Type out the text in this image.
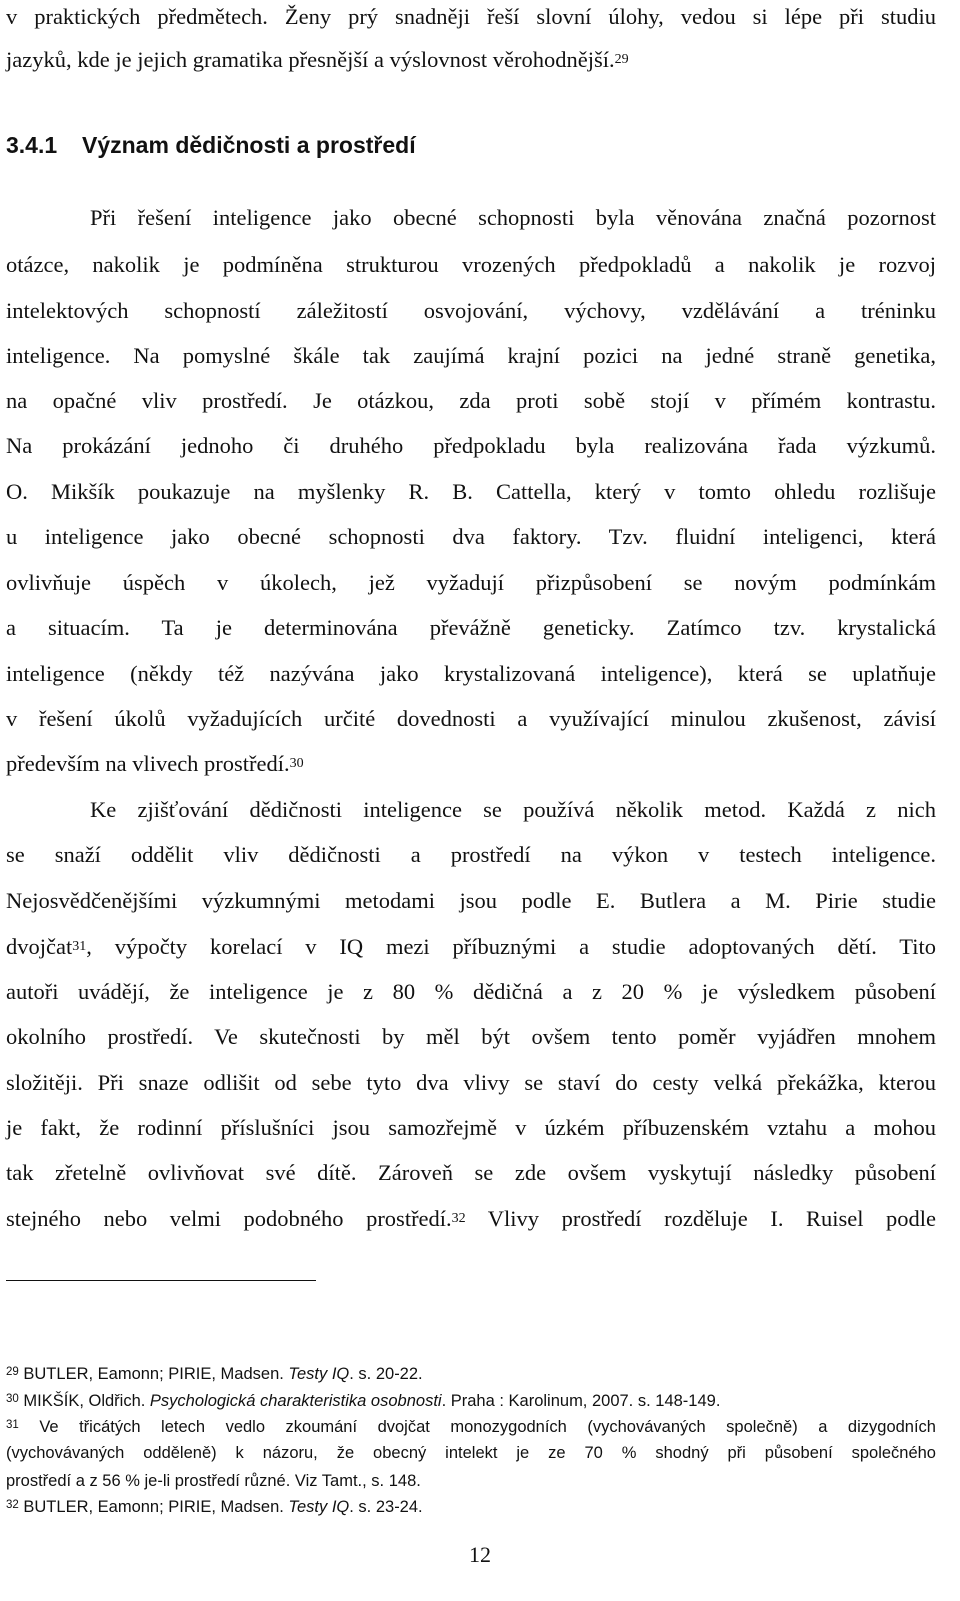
v praktických předmětech. Ženy prý snadněji řeší slovní úlohy, vedou si lépe při studiu
jazyků, kde je jejich gramatika přesnější a výslovnost věrohodnější.$^{29}$
3.4.1 Význam dědičnosti a prostředí
Při řešení inteligence jako obecné schopnosti byla věnována značná pozornost
otázce, nakolik je podmíněna strukturou vrozených předpokladů a nakolik je rozvoj
intelektových schopností záležitostí osvojování, výchovy, vzdělávání a tréninku
inteligence. Na pomyslné škále tak zaujímá krajní pozici na jedné straně genetika,
na opačné vliv prostředí. Je otázkou, zda proti sobě stojí v přímém kontrastu.
Na prokázání jednoho či druhého předpokladu byla realizována řada výzkumů.
O. Mikšík poukazuje na myšlenky R. B. Cattella, který v tomto ohledu rozlišuje
u inteligence jako obecné schopnosti dva faktory. Tzv. fluidní inteligenci, která
ovlivňuje úspěch v úkolech, jež vyžadují přizpůsobení se novým podmínkám
a situacím. Ta je determinována převážně geneticky. Zatímco tzv. krystalická
inteligence (někdy též nazývána jako krystalizovaná inteligence), která se uplatňuje
v řešení úkolů vyžadujících určité dovednosti a využívající minulou zkušenost, závisí
především na vlivech prostředí.$^{30}$
Ke zjišťování dědičnosti inteligence se používá několik metod. Každá z nich
se snaží oddělit vliv dědičnosti a prostředí na výkon v testech inteligence.
Nejosvědčenějšími výzkumnými metodami jsou podle E. Butlera a M. Pirie studie
dvojčat$^{31}$, výpočty korelací v IQ mezi příbuznými a studie adoptovaných dětí. Tito
autoři uvádějí, že inteligence je z 80 % dědičná a z 20 % je výsledkem působení
okolního prostředí. Ve skutečnosti by měl být ovšem tento poměr vyjádřen mnohem
složitěji. Při snaze odlišit od sebe tyto dva vlivy se staví do cesty velká překážka, kterou
je fakt, že rodinní příslušníci jsou samozřejmě v úzkém příbuzenském vztahu a mohou
tak zřetelně ovlivňovat své dítě. Zároveň se zde ovšem vyskytují následky působení
stejného nebo velmi podobného prostředí.$^{32}$ Vlivy prostředí rozděluje I. Ruisel podle
$^{29}$ BUTLER, Eamonn; PIRIE, Madsen. Testy IQ. s. 20-22.
$^{30}$ MIKŠÍK, Oldřich. Psychologická charakteristika osobnosti. Praha : Karolinum, 2007. s. 148-149.
$^{31}$ Ve třicátých letech vedlo zkoumání dvojčat monozygodních (vychovávaných společně) a dizygodních
(vychovávaných odděleně) k názoru, že obecný intelekt je ze 70 % shodný při působení společného
prostředí a z 56 % je-li prostředí různé. Viz Tamt., s. 148.
$^{32}$ BUTLER, Eamonn; PIRIE, Madsen. Testy IQ. s. 23-24.
12
